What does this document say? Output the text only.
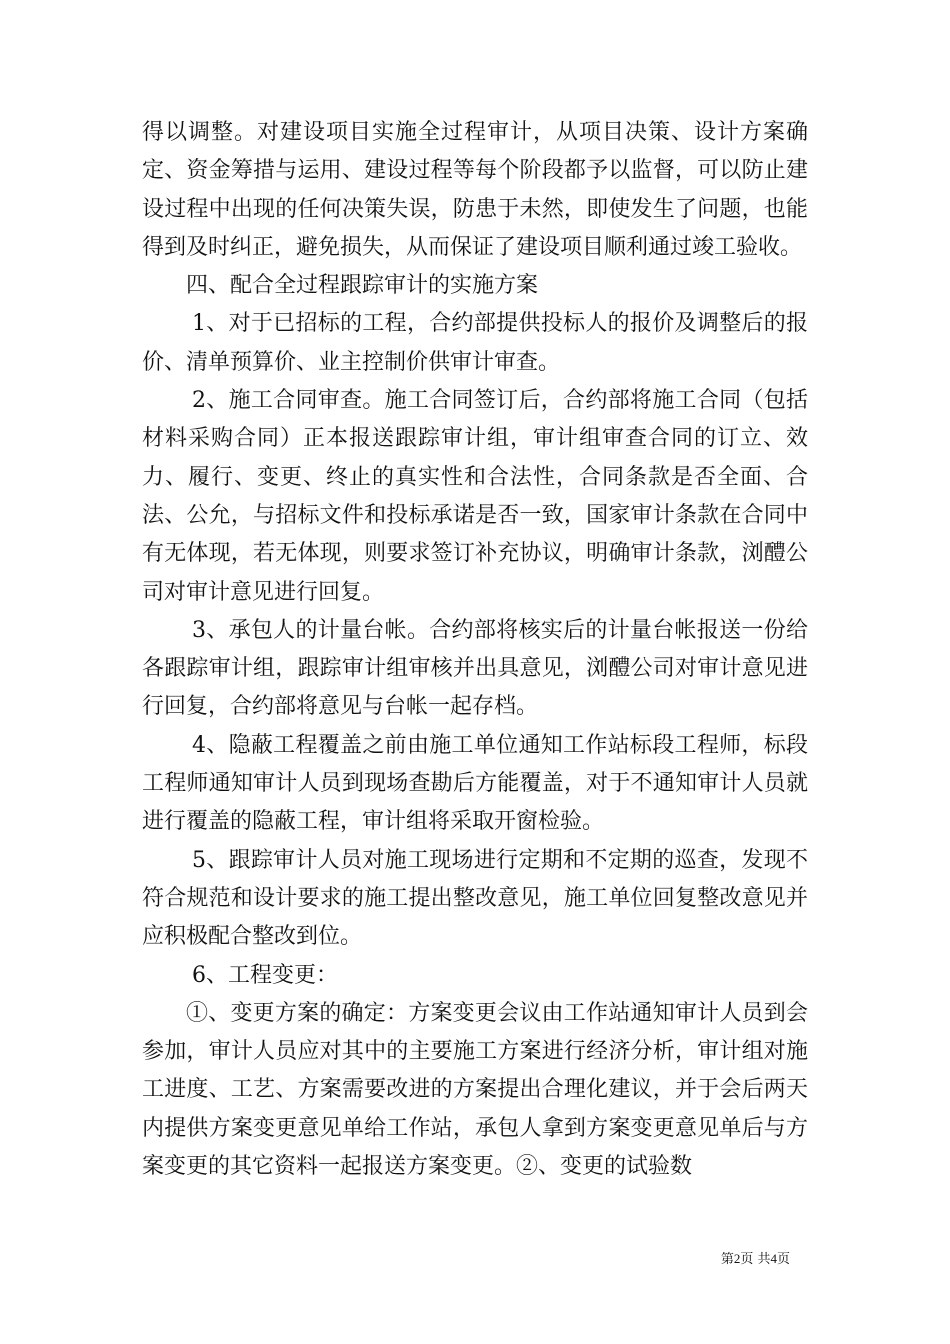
得以调整。对建设项目实施全过程审计，从项目决策、设计方案确定、资金筹措与运用、建设过程等每个阶段都予以监督，可以防止建设过程中出现的任何决策失误，防患于未然，即使发生了问题，也能得到及时纠正，避免损失，从而保证了建设项目顺利通过竣工验收。

四、配合全过程跟踪审计的实施方案

1、对于已招标的工程，合约部提供投标人的报价及调整后的报价、清单预算价、业主控制价供审计审查。

2、施工合同审查。施工合同签订后，合约部将施工合同（包括材料采购合同）正本报送跟踪审计组，审计组审查合同的订立、效力、履行、变更、终止的真实性和合法性，合同条款是否全面、合法、公允，与招标文件和投标承诺是否一致，国家审计条款在合同中有无体现，若无体现，则要求签订补充协议，明确审计条款，浏醴公司对审计意见进行回复。

3、承包人的计量台帐。合约部将核实后的计量台帐报送一份给各跟踪审计组，跟踪审计组审核并出具意见，浏醴公司对审计意见进行回复，合约部将意见与台帐一起存档。

4、隐蔽工程覆盖之前由施工单位通知工作站标段工程师，标段工程师通知审计人员到现场查勘后方能覆盖，对于不通知审计人员就进行覆盖的隐蔽工程，审计组将采取开窗检验。

5、跟踪审计人员对施工现场进行定期和不定期的巡查，发现不符合规范和设计要求的施工提出整改意见，施工单位回复整改意见并应积极配合整改到位。

6、工程变更：

①、变更方案的确定：方案变更会议由工作站通知审计人员到会参加，审计人员应对其中的主要施工方案进行经济分析，审计组对施工进度、工艺、方案需要改进的方案提出合理化建议，并于会后两天内提供方案变更意见单给工作站，承包人拿到方案变更意见单后与方案变更的其它资料一起报送方案变更。②、变更的试验数

第2页 共4页
